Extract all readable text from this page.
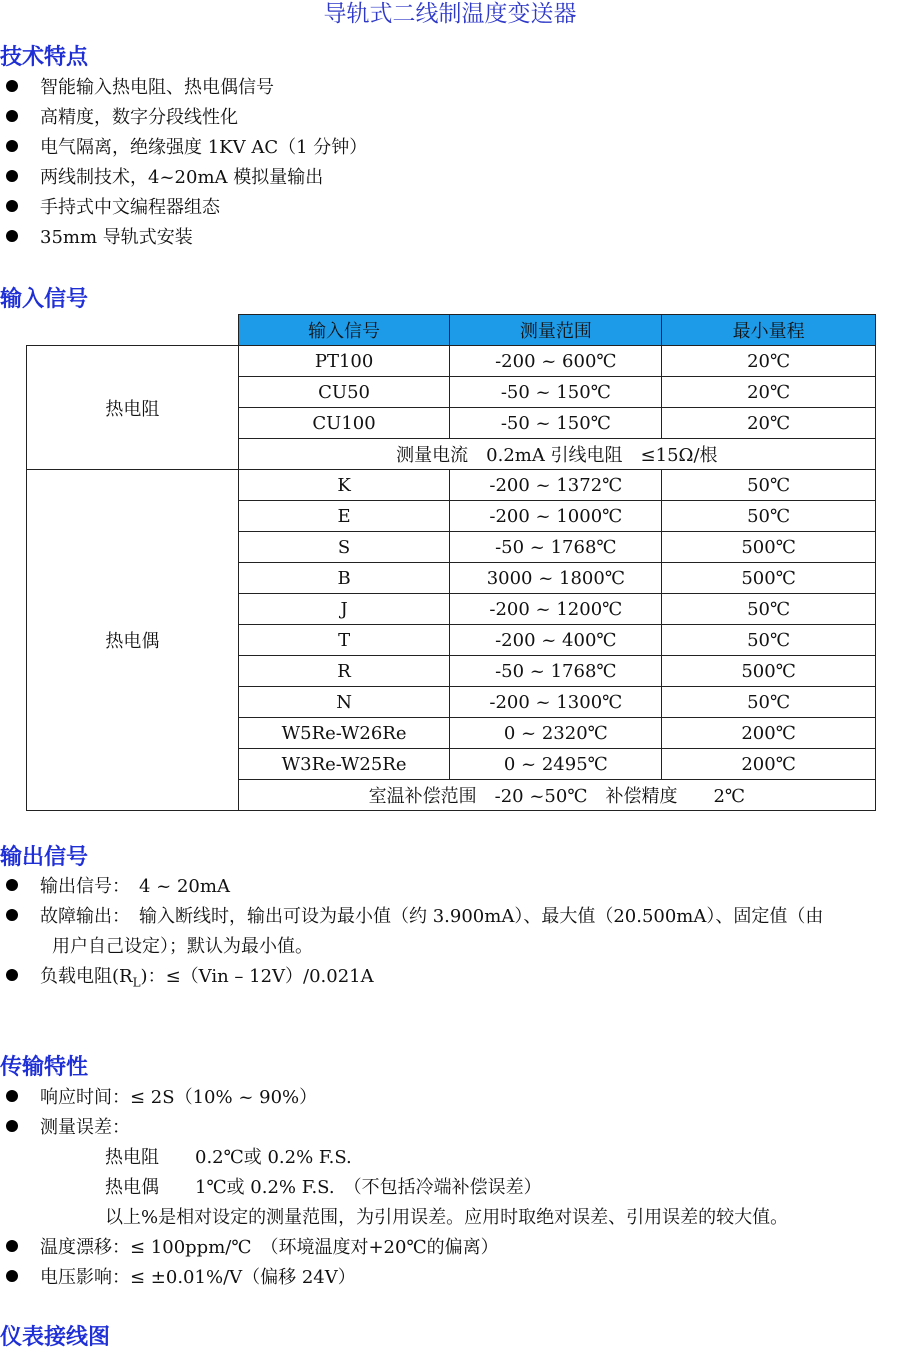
导轨式二线制温度变送器
技术特点
智能输入热电阻、热电偶信号
高精度，数字分段线性化
电气隔离，绝缘强度 1KV AC（1 分钟）
两线制技术，4~20mA 模拟量输出
手持式中文编程器组态
35mm 导轨式安装
输入信号
	输入信号	测量范围	最小量程
热电阻	PT100	-200 ~ 600℃	20℃
	CU50	-50 ~ 150℃	20℃
	CU100	-50 ~ 150℃	20℃
	测量电流　0.2mA 引线电阻　≤15Ω/根		
热电偶	K	-200 ~ 1372℃	50℃
	E	-200 ~ 1000℃	50℃
	S	-50 ~ 1768℃	500℃
	B	3000 ~ 1800℃	500℃
	J	-200 ~ 1200℃	50℃
	T	-200 ~ 400℃	50℃
	R	-50 ~ 1768℃	500℃
	N	-200 ~ 1300℃	50℃
	W5Re-W26Re	0 ~ 2320℃	200℃
	W3Re-W25Re	0 ~ 2495℃	200℃
	室温补偿范围　-20 ~50℃　补偿精度　　2℃		
输出信号
输出信号：　4 ~ 20mA
故障输出：　输入断线时，输出可设为最小值（约 3.900mA）、最大值（20.500mA）、固定值（由
用户自己设定）；默认为最小值。
负载电阻$(R_L)$：≤（Vin – 12V）/0.021A
传输特性
响应时间：≤ 2S（10% ~ 90%）
测量误差：
热电阻　　0.2℃或 0.2% F.S.
热电偶　　1℃或 0.2% F.S.　（不包括冷端补偿误差）
以上%是相对设定的测量范围，为引用误差。应用时取绝对误差、引用误差的较大值。
温度漂移：≤ 100ppm/℃　（环境温度对+20℃的偏离）
电压影响：≤ ±0.01%/V（偏移 24V）
仪表接线图
